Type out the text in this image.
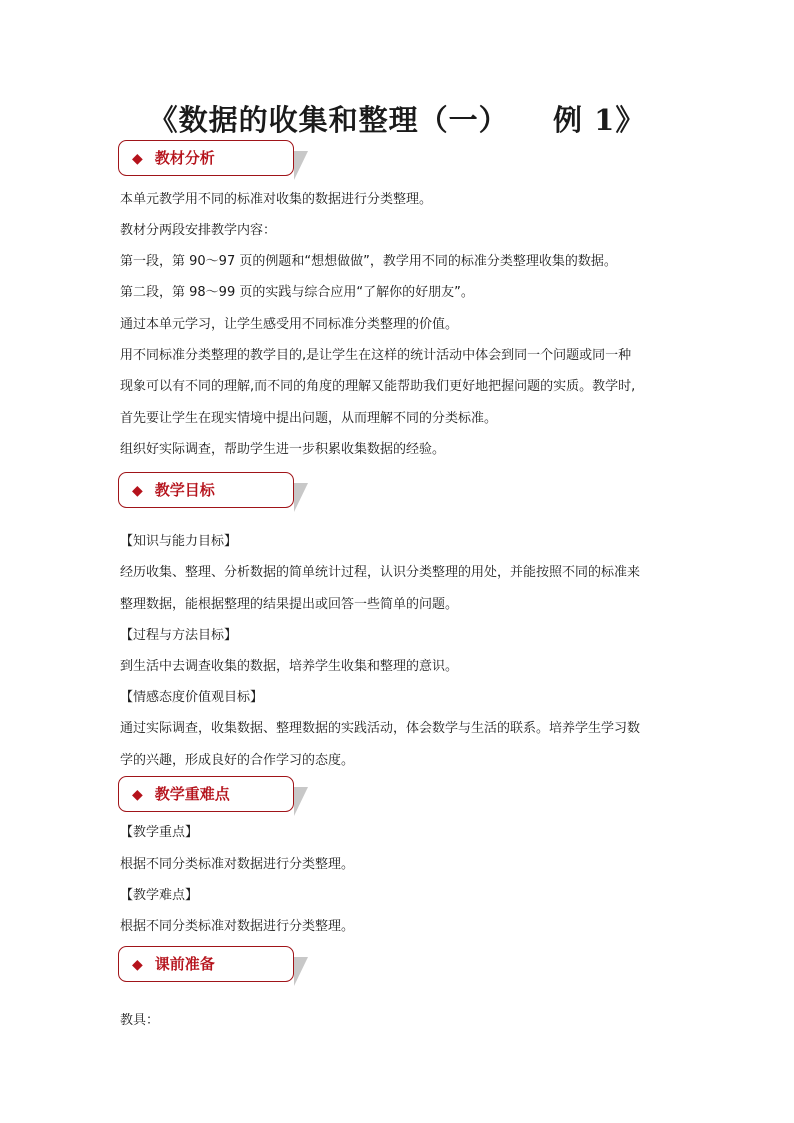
《数据的收集和整理（一）    例 1》
◆ 教材分析
本单元教学用不同的标准对收集的数据进行分类整理。
教材分两段安排教学内容：
第一段，第 90～97 页的例题和“想想做做”，教学用不同的标准分类整理收集的数据。
第二段，第 98～99 页的实践与综合应用“了解你的好朋友”。
通过本单元学习，让学生感受用不同标准分类整理的价值。
用不同标准分类整理的教学目的,是让学生在这样的统计活动中体会到同一个问题或同一种
现象可以有不同的理解,而不同的角度的理解又能帮助我们更好地把握问题的实质。教学时,
首先要让学生在现实情境中提出问题，从而理解不同的分类标准。
组织好实际调查，帮助学生进一步积累收集数据的经验。
◆ 教学目标
【知识与能力目标】
经历收集、整理、分析数据的简单统计过程，认识分类整理的用处，并能按照不同的标准来
整理数据，能根据整理的结果提出或回答一些简单的问题。
【过程与方法目标】
到生活中去调查收集的数据，培养学生收集和整理的意识。
【情感态度价值观目标】
通过实际调查，收集数据、整理数据的实践活动，体会数学与生活的联系。培养学生学习数
学的兴趣，形成良好的合作学习的态度。
◆ 教学重难点
【教学重点】
根据不同分类标准对数据进行分类整理。
【教学难点】
根据不同分类标准对数据进行分类整理。
◆ 课前准备
教具：
